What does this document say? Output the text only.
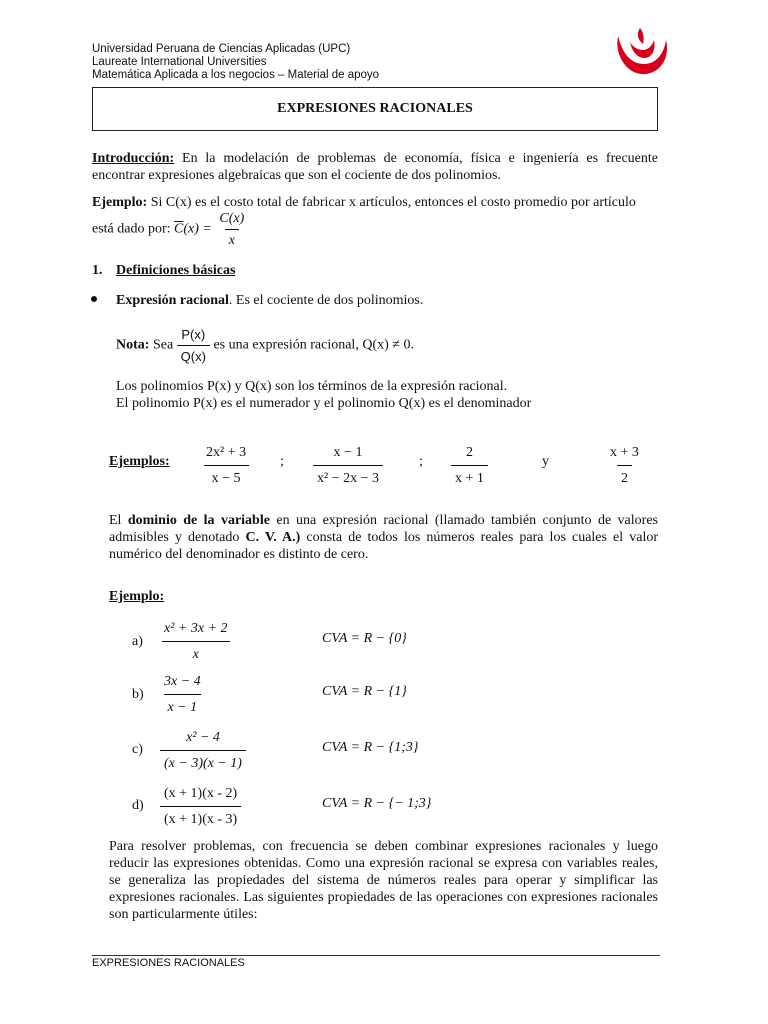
Universidad Peruana de Ciencias Aplicadas (UPC)
Laureate International Universities
Matemática Aplicada a los negocios – Material de apoyo
EXPRESIONES RACIONALES
Introducción: En la modelación de problemas de economía, física e ingeniería es frecuente encontrar expresiones algebraicas que son el cociente de dos polinomios.
Ejemplo: Si C(x) es el costo total de fabricar x artículos, entonces el costo promedio por artículo
está dado por: $\overline{C}(x) = \frac{C(x)}{x}$
1. Definiciones básicas
Expresión racional. Es el cociente de dos polinomios.
Nota: Sea $\frac{P(x)}{Q(x)}$ es una expresión racional, Q(x) ≠ 0.
Los polinomios P(x) y Q(x) son los términos de la expresión racional.
El polinomio P(x) es el numerador y el polinomio Q(x) es el denominador
Ejemplos: $\frac{\text{2x² + 3}}{x - 5}$ ; $\frac{x - 1}{\text{x² − 2x − 3}}$	; $\frac{2}{x + 1}$	y	$\frac{x + 3}{2}$
El dominio de la variable en una expresión racional (llamado también conjunto de valores admisibles y denotado C. V. A.) consta de todos los números reales para los cuales el valor numérico del denominador es distinto de cero.
Ejemplo:
$a) \frac{\text{x² + 3x + 2}}{x}$	CVA = R − {0}
$b) \frac{3x - 4}{x - 1}$	CVA = R − {1}
$c) \frac{\text{x² − 4}}{(x - 3)(x - 1)}$	CVA = R − {1;3}
$d) \frac{(x + 1)(x - 2)}{(x + 1)(x - 3)}$	CVA = R − {− 1;3}
Para resolver problemas, con frecuencia se deben combinar expresiones racionales y luego reducir las expresiones obtenidas. Como una expresión racional se expresa con variables reales, se generaliza las propiedades del sistema de números reales para operar y simplificar las expresiones racionales. Las siguientes propiedades de las operaciones con expresiones racionales son particularmente útiles:
EXPRESIONES RACIONALES
